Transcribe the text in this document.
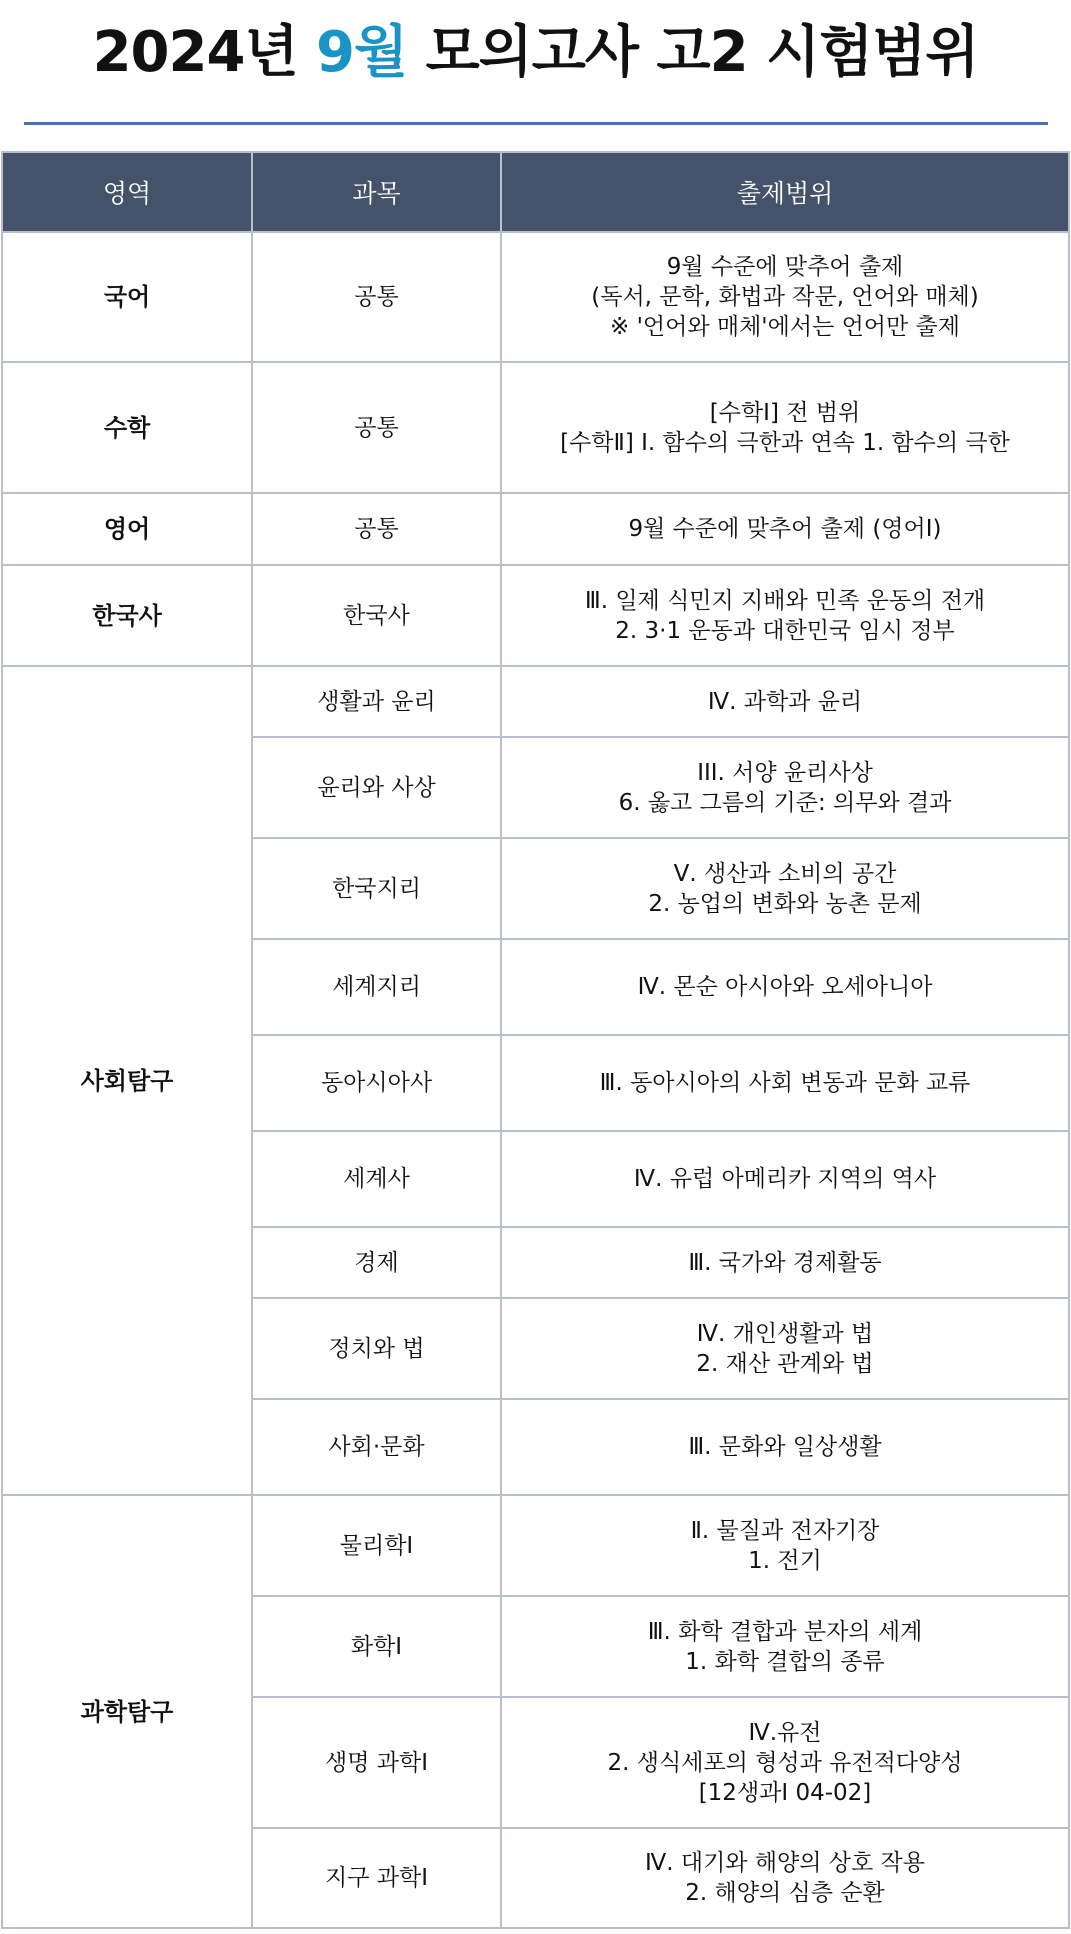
2024년 9월 모의고사 고2 시험범위
영역	과목	출제범위
국어	공통	9월 수준에 맞추어 출제
(독서, 문학, 화법과 작문, 언어와 매체)
※ '언어와 매체'에서는 언어만 출제

수학	공통	[수학Ⅰ] 전 범위
[수학Ⅱ] Ⅰ. 함수의 극한과 연속 1. 함수의 극한

영어	공통	9월 수준에 맞추어 출제 (영어Ⅰ)

한국사	한국사	Ⅲ. 일제 식민지 지배와 민족 운동의 전개
2. 3·1 운동과 대한민국 임시 정부

사회탐구	생활과 윤리	Ⅳ. 과학과 윤리

	윤리와 사상	III. 서양 윤리사상
6. 옳고 그름의 기준: 의무와 결과

	한국지리	Ⅴ. 생산과 소비의 공간
2. 농업의 변화와 농촌 문제

	세계지리	Ⅳ. 몬순 아시아와 오세아니아

	동아시아사	Ⅲ. 동아시아의 사회 변동과 문화 교류

	세계사	Ⅳ. 유럽 아메리카 지역의 역사

	경제	Ⅲ. 국가와 경제활동

	정치와 법	Ⅳ. 개인생활과 법
2. 재산 관계와 법

	사회·문화	Ⅲ. 문화와 일상생활

과학탐구	물리학Ⅰ	Ⅱ. 물질과 전자기장
1. 전기

	화학Ⅰ	Ⅲ. 화학 결합과 분자의 세계
1. 화학 결합의 종류

	생명 과학Ⅰ	Ⅳ.유전
2. 생식세포의 형성과 유전적다양성
[12생과Ⅰ 04-02]

	지구 과학Ⅰ	Ⅳ. 대기와 해양의 상호 작용
2. 해양의 심층 순환
